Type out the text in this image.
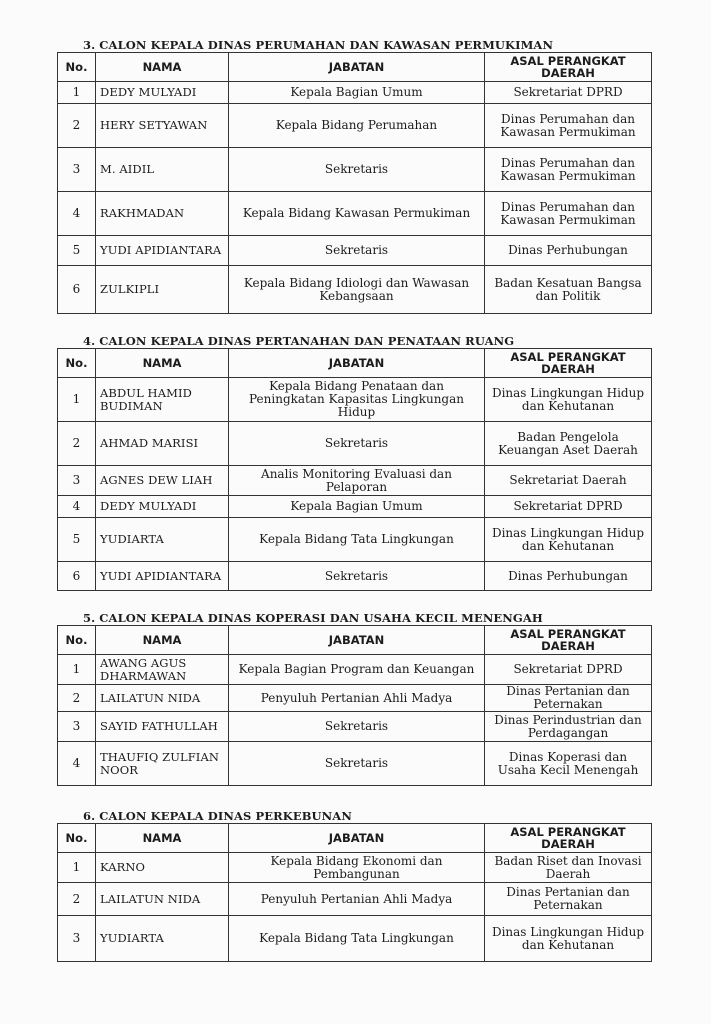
3. CALON KEPALA DINAS PERUMAHAN DAN KAWASAN PERMUKIMAN
No.	NAMA	JABATAN	ASAL PERANGKAT DAERAH
1	DEDY MULYADI	Kepala Bagian Umum	Sekretariat DPRD
2	HERY SETYAWAN	Kepala Bidang Perumahan	Dinas Perumahan dan Kawasan Permukiman
3	M. AIDIL	Sekretaris	Dinas Perumahan dan Kawasan Permukiman
4	RAKHMADAN	Kepala Bidang Kawasan Permukiman	Dinas Perumahan dan Kawasan Permukiman
5	YUDI APIDIANTARA	Sekretaris	Dinas Perhubungan
6	ZULKIPLI	Kepala Bidang Idiologi dan Wawasan Kebangsaan	Badan Kesatuan Bangsa dan Politik
4. CALON KEPALA DINAS PERTANAHAN DAN PENATAAN RUANG
No.	NAMA	JABATAN	ASAL PERANGKAT DAERAH
1	ABDUL HAMID BUDIMAN	Kepala Bidang Penataan dan Peningkatan Kapasitas Lingkungan Hidup	Dinas Lingkungan Hidup dan Kehutanan
2	AHMAD MARISI	Sekretaris	Badan Pengelola Keuangan Aset Daerah
3	AGNES DEW LIAH	Analis Monitoring Evaluasi dan Pelaporan	Sekretariat Daerah
4	DEDY MULYADI	Kepala Bagian Umum	Sekretariat DPRD
5	YUDIARTA	Kepala Bidang Tata Lingkungan	Dinas Lingkungan Hidup dan Kehutanan
6	YUDI APIDIANTARA	Sekretaris	Dinas Perhubungan
5. CALON KEPALA DINAS KOPERASI DAN USAHA KECIL MENENGAH
No.	NAMA	JABATAN	ASAL PERANGKAT DAERAH
1	AWANG AGUS DHARMAWAN	Kepala Bagian Program dan Keuangan	Sekretariat DPRD
2	LAILATUN NIDA	Penyuluh Pertanian Ahli Madya	Dinas Pertanian dan Peternakan
3	SAYID FATHULLAH	Sekretaris	Dinas Perindustrian dan Perdagangan
4	THAUFIQ ZULFIAN NOOR	Sekretaris	Dinas Koperasi dan Usaha Kecil Menengah
6. CALON KEPALA DINAS PERKEBUNAN
No.	NAMA	JABATAN	ASAL PERANGKAT DAERAH
1	KARNO	Kepala Bidang Ekonomi dan Pembangunan	Badan Riset dan Inovasi Daerah
2	LAILATUN NIDA	Penyuluh Pertanian Ahli Madya	Dinas Pertanian dan Peternakan
3	YUDIARTA	Kepala Bidang Tata Lingkungan	Dinas Lingkungan Hidup dan Kehutanan
